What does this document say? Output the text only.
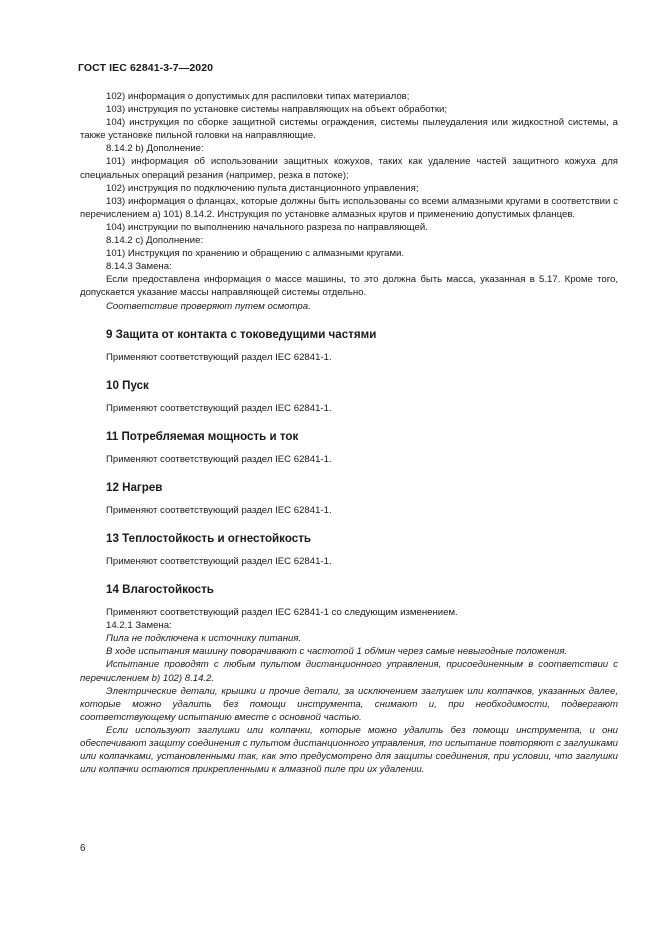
ГОСТ IEC 62841-3-7—2020

102) информация о допустимых для распиловки типах материалов;

103) инструкция по установке системы направляющих на объект обработки;

104) инструкция по сборке защитной системы ограждения, системы пылеудаления или жидкостной системы, а также установке пильной головки на направляющие.

8.14.2 b) Дополнение:

101) информация об использовании защитных кожухов, таких как удаление частей защитного кожуха для специальных операций резания (например, резка в потоке);

102) инструкция по подключению пульта дистанционного управления;

103) информация о фланцах, которые должны быть использованы со всеми алмазными кругами в соответствии с перечислением а) 101) 8.14.2. Инструкция по установке алмазных кругов и применению допустимых фланцев.

104) инструкции по выполнению начального разреза по направляющей.

8.14.2 с) Дополнение:

101) Инструкция по хранению и обращению с алмазными кругами.

8.14.3 Замена:

Если предоставлена информация о массе машины, то это должна быть масса, указанная в 5.17. Кроме того, допускается указание массы направляющей системы отдельно.

Соответствие проверяют путем осмотра.

9 Защита от контакта с токоведущими частями

Применяют соответствующий раздел IEC 62841-1.

10 Пуск

Применяют соответствующий раздел IEC 62841-1.

11 Потребляемая мощность и ток

Применяют соответствующий раздел IEC 62841-1.

12 Нагрев

Применяют соответствующий раздел IEC 62841-1.

13 Теплостойкость и огнестойкость

Применяют соответствующий раздел IEC 62841-1.

14 Влагостойкость

Применяют соответствующий раздел IEC 62841-1 со следующим изменением.

14.2.1 Замена:

Пила не подключена к источнику питания.

В ходе испытания машину поворачивают с частотой 1 об/мин через самые невыгодные положения.

Испытание проводят с любым пультом дистанционного управления, присоединенным в соответствии с перечислением b) 102) 8.14.2.

Электрические детали, крышки и прочие детали, за исключением заглушек или колпачков, указанных далее, которые можно удалить без помощи инструмента, снимают и, при необходимости, подвергают соответствующему испытанию вместе с основной частью.

Если используют заглушки или колпачки, которые можно удалить без помощи инструмента, и они обеспечивают защиту соединения с пультом дистанционного управления, то испытание повторяют с заглушками или колпачками, установленными так, как это предусмотрено для защиты соединения, при условии, что заглушки или колпачки остаются прикрепленными к алмазной пиле при их удалении.

6
